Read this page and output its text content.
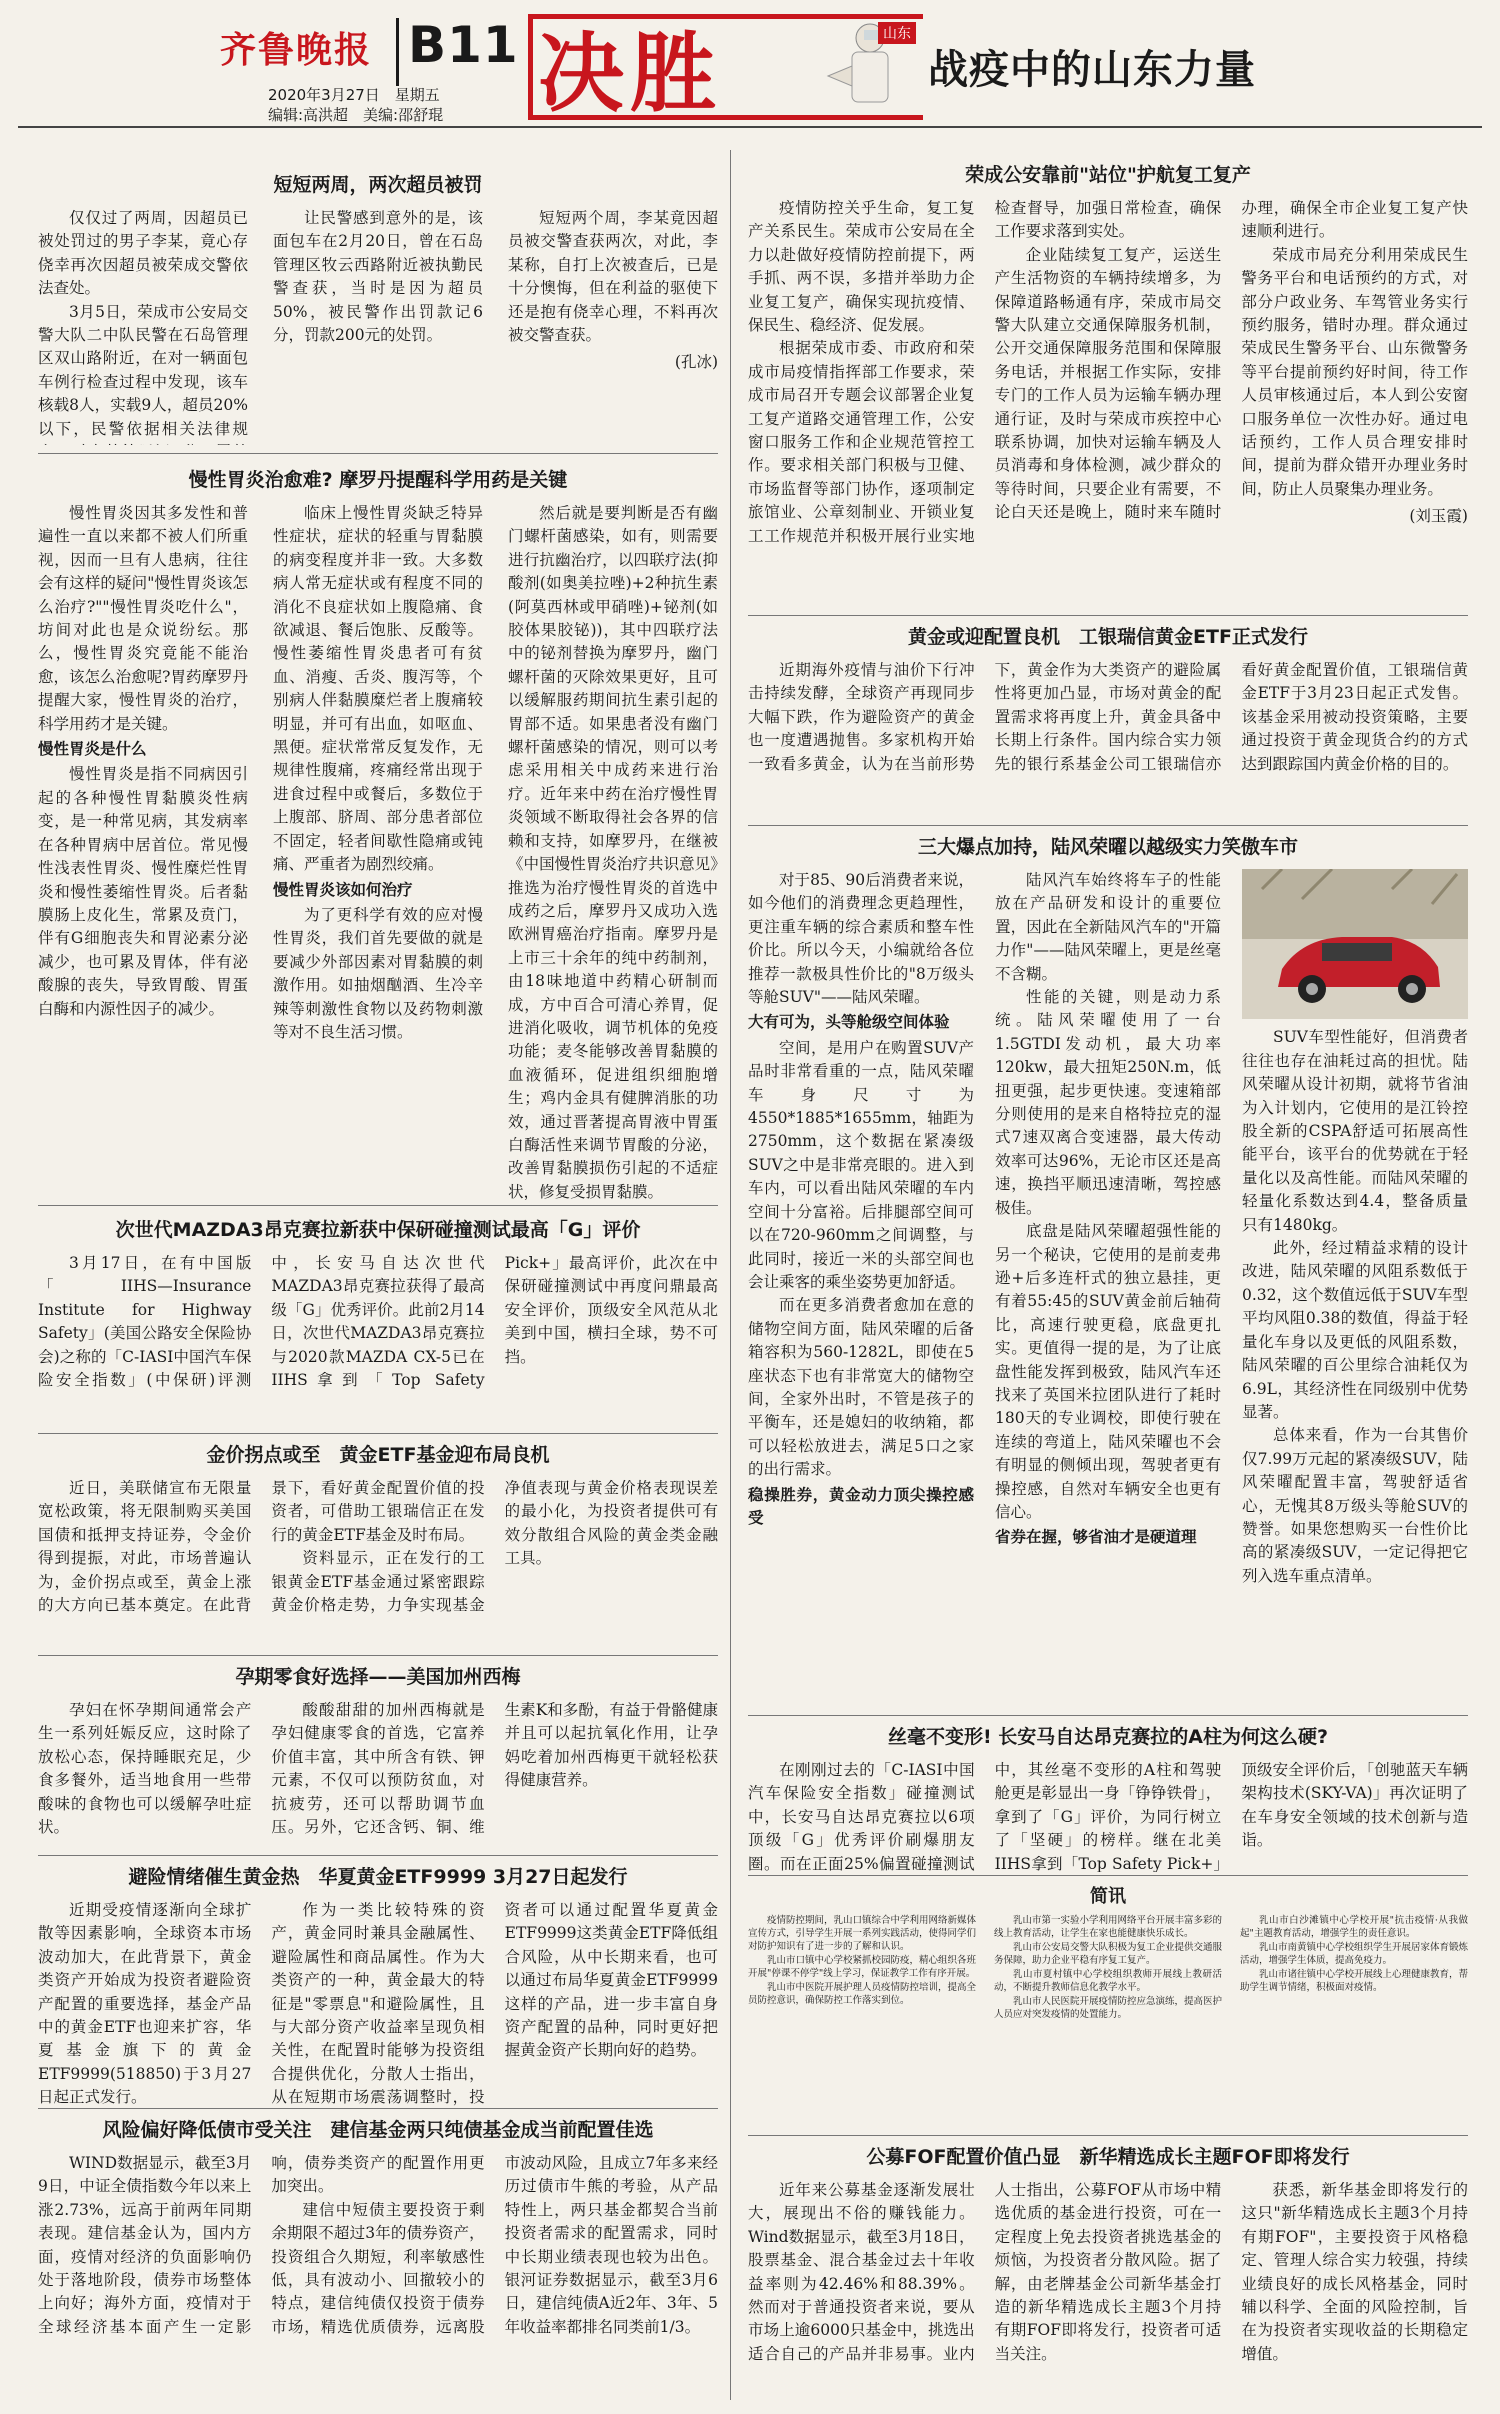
齐鲁晚报 B11
2020年3月27日　星期五
编辑:高洪超　美编:邵舒琨 决胜	山东
战疫中的山东力量
短短两周，两次超员被罚

仅仅过了两周，因超员已被处罚过的男子李某，竟心存侥幸再次因超员被荣成交警依法查处。

3月5日，荣成市公安局交警大队二中队民警在石岛管理区双山路附近，在对一辆面包车例行检查过程中发现，该车核载8人，实载9人，超员20%以下，民警依据相关法律规

让民警感到意外的是，该面包车在2月20日，曾在石岛管理区牧云西路附近被执勤民警查获，当时是因为超员50%，被民警作出罚款记6分，罚款200元的处罚。

短短两个周，李某竟因超员被交警查获两次，对此，李某称，自打上次被查后，已是十分懊悔，但在利益的驱使下还是抱有侥幸心理，不料再次被交警查获。

(孔冰)
慢性胃炎治愈难? 摩罗丹提醒科学用药是关键

慢性胃炎因其多发性和普遍性一直以来都不被人们所重视，因而一旦有人患病，往往会有这样的疑问"慢性胃炎该怎么治疗?""慢性胃炎吃什么"，坊间对此也是众说纷纭。那么，慢性胃炎究竟能不能治愈，该怎么治愈呢?胃药摩罗丹提醒大家，慢性胃炎的治疗，科学用药才是关键。

慢性胃炎是什么

慢性胃炎是指不同病因引起的各种慢性胃黏膜炎性病变，是一种常见病，其发病率在各种胃病中居首位。常见慢性浅表性胃炎、慢性糜烂性胃炎和慢性萎缩性胃炎。后者黏膜肠上皮化生，常累及贲门，伴有G细胞丧失和胃泌素分泌减少，也可累及胃体，伴有泌酸腺的丧失，导致胃酸、胃蛋白酶和内源性因子的减少。

临床上慢性胃炎缺乏特异性症状，症状的轻重与胃黏膜的病变程度并非一致。大多数病人常无症状或有程度不同的消化不良症状如上腹隐痛、食欲减退、餐后饱胀、反酸等。慢性萎缩性胃炎患者可有贫血、消瘦、舌炎、腹泻等，个别病人伴黏膜糜烂者上腹痛较明显，并可有出血，如呕血、黑便。症状常常反复发作，无规律性腹痛，疼痛经常出现于进食过程中或餐后，多数位于上腹部、脐周、部分患者部位不固定，轻者间歇性隐痛或钝痛、严重者为剧烈绞痛。

慢性胃炎该如何治疗

为了更科学有效的应对慢性胃炎，我们首先要做的就是要减少外部因素对胃黏膜的刺激作用。如抽烟酗酒、生冷辛辣等刺激性食物以及药物刺激等对不良生活习惯。

然后就是要判断是否有幽门螺杆菌感染，如有，则需要进行抗幽治疗，以四联疗法(抑酸剂(如奥美拉唑)+2种抗生素(阿莫西林或甲硝唑)+铋剂(如胶体果胶铋))，其中四联疗法中的铋剂替换为摩罗丹，幽门螺杆菌的灭除效果更好，且可以缓解服药期间抗生素引起的胃部不适。如果患者没有幽门螺杆菌感染的情况，则可以考虑采用相关中成药来进行治疗。近年来中药在治疗慢性胃炎领域不断取得社会各界的信赖和支持，如摩罗丹，在继被《中国慢性胃炎治疗共识意见》推选为治疗慢性胃炎的首选中成药之后，摩罗丹又成功入选欧洲胃癌治疗指南。摩罗丹是上市三十余年的纯中药制剂，由18味地道中药精心研制而成，方中百合可清心养胃，促进消化吸收，调节机体的免疫功能；麦冬能够改善胃黏膜的血液循环，促进组织细胞增生；鸡内金具有健脾消胀的功效，通过晋著提高胃液中胃蛋白酶活性来调节胃酸的分泌，改善胃黏膜损伤引起的不适症状，修复受损胃黏膜。

次世代MAZDA3昂克赛拉新获中保研碰撞测试最高「G」评价

3月17日，在有中国版「IIHS—Insurance Institute for Highway Safety」(美国公路安全保险协会)之称的「C-IASI中国汽车保险安全指数」(中保研)评测中，长安马自达次世代MAZDA3昂克赛拉获得了最高级「G」优秀评价。此前2月14日，次世代MAZDA3昂克赛拉与2020款MAZDA CX-5已在IIHS拿到「Top Safety Pick+」最高评价，此次在中保研碰撞测试中再度问鼎最高安全评价，顶级安全风范从北美到中国，横扫全球，势不可挡。

金价拐点或至　黄金ETF基金迎布局良机

近日，美联储宣布无限量宽松政策，将无限制购买美国国债和抵押支持证券，令金价得到提振，对此，市场普遍认为，金价拐点或至，黄金上涨的大方向已基本奠定。在此背景下，看好黄金配置价值的投资者，可借助工银瑞信正在发行的黄金ETF基金及时布局。

资料显示，正在发行的工银黄金ETF基金通过紧密跟踪黄金价格走势，力争实现基金净值表现与黄金价格表现误差的最小化，为投资者提供可有效分散组合风险的黄金类金融工具。

孕期零食好选择——美国加州西梅

孕妇在怀孕期间通常会产生一系列妊娠反应，这时除了放松心态，保持睡眠充足，少食多餐外，适当地食用一些带酸味的食物也可以缓解孕吐症状。

酸酸甜甜的加州西梅就是孕妇健康零食的首选，它富养价值丰富，其中所含有铁、钾元素，不仅可以预防贫血，对抗疲劳，还可以帮助调节血压。另外，它还含钙、铜、维生素K和多酚，有益于骨骼健康并且可以起抗氧化作用，让孕妈吃着加州西梅更干就轻松获得健康营养。

避险情绪催生黄金热　华夏黄金ETF9999 3月27日起发行

近期受疫情逐渐向全球扩散等因素影响，全球资本市场波动加大，在此背景下，黄金类资产开始成为投资者避险资产配置的重要选择，基金产品中的黄金ETF也迎来扩容，华夏基金旗下的黄金ETF9999(518850)于3月27日起正式发行。

作为一类比较特殊的资产，黄金同时兼具金融属性、避险属性和商品属性。作为大类资产的一种，黄金最大的特征是"零票息"和避险属性，且与大部分资产收益率呈现负相关性，在配置时能够为投资组合提供优化，分散人士指出，从在短期市场震荡调整时，投资者可以通过配置华夏黄金ETF9999这类黄金ETF降低组合风险，从中长期来看，也可以通过布局华夏黄金ETF9999这样的产品，进一步丰富自身资产配置的品种，同时更好把握黄金资产长期向好的趋势。

风险偏好降低债市受关注　建信基金两只纯债基金成当前配置佳选

WIND数据显示，截至3月9日，中证全债指数今年以来上涨2.73%，远高于前两年同期表现。建信基金认为，国内方面，疫情对经济的负面影响仍处于落地阶段，债券市场整体上向好；海外方面，疫情对于全球经济基本面产生一定影响，债券类资产的配置作用更加突出。

建信中短债主要投资于剩余期限不超过3年的债券资产，投资组合久期短，利率敏感性低，具有波动小、回撤较小的特点，建信纯债仅投资于债券市场，精选优质债券，远离股市波动风险，且成立7年多来经历过债市牛熊的考验，从产品特性上，两只基金都契合当前投资者需求的配置需求，同时中长期业绩表现也较为出色。银河证券数据显示，截至3月6日，建信纯债A近2年、3年、5年收益率都排名同类前1/3。

荣成公安靠前"站位"护航复工复产

疫情防控关乎生命，复工复产关系民生。荣成市公安局在全力以赴做好疫情防控前提下，两手抓、两不误，多措并举助力企业复工复产，确保实现抗疫情、保民生、稳经济、促发展。

根据荣成市委、市政府和荣成市局疫情指挥部工作要求，荣成市局召开专题会议部署企业复工复产道路交通管理工作，公安窗口服务工作和企业规范管控工作。要求相关部门积极与卫健、市场监督等部门协作，逐项制定旅馆业、公章刻制业、开锁业复工工作规范并积极开展行业实地检查督导，加强日常检查，确保工作要求落到实处。

企业陆续复工复产，运送生产生活物资的车辆持续增多，为保障道路畅通有序，荣成市局交警大队建立交通保障服务机制，公开交通保障服务范围和保障服务电话，并根据工作实际，安排专门的工作人员为运输车辆办理通行证，及时与荣成市疾控中心联系协调，加快对运输车辆及人员消毒和身体检测，减少群众的等待时间，只要企业有需要，不论白天还是晚上，随时来车随时办理，确保全市企业复工复产快速顺利进行。

荣成市局充分利用荣成民生警务平台和电话预约的方式，对部分户政业务、车驾管业务实行预约服务，错时办理。群众通过荣成民生警务平台、山东微警务等平台提前预约好时间，待工作人员审核通过后，本人到公安窗口服务单位一次性办好。通过电话预约，工作人员合理安排时间，提前为群众错开办理业务时间，防止人员聚集办理业务。

(刘玉霞)
黄金或迎配置良机　工银瑞信黄金ETF正式发行

近期海外疫情与油价下行冲击持续发酵，全球资产再现同步大幅下跌，作为避险资产的黄金也一度遭遇抛售。多家机构开始一致看多黄金，认为在当前形势下，黄金作为大类资产的避险属性将更加凸显，市场对黄金的配置需求将再度上升，黄金具备中长期上行条件。国内综合实力领先的银行系基金公司工银瑞信亦看好黄金配置价值，工银瑞信黄金ETF于3月23日起正式发售。该基金采用被动投资策略，主要通过投资于黄金现货合约的方式达到跟踪国内黄金价格的目的。

三大爆点加持，陆风荣曜以越级实力笑傲车市

对于85、90后消费者来说，如今他们的消费理念更趋理性，更注重车辆的综合素质和整车性价比。所以今天，小编就给各位推荐一款极具性价比的"8万级头等舱SUV"——陆风荣曜。

大有可为，头等舱级空间体验

空间，是用户在购置SUV产品时非常看重的一点，陆风荣曜车身尺寸为4550*1885*1655mm，轴距为2750mm，这个数据在紧凑级SUV之中是非常亮眼的。进入到车内，可以看出陆风荣曜的车内空间十分富裕。后排腿部空间可以在720-960mm之间调整，与此同时，接近一米的头部空间也会让乘客的乘坐姿势更加舒适。

而在更多消费者愈加在意的储物空间方面，陆风荣曜的后备箱容积为560-1282L，即使在5座状态下也有非常宽大的储物空间，全家外出时，不管是孩子的平衡车，还是媳妇的收纳箱，都可以轻松放进去，满足5口之家的出行需求。

稳操胜券，黄金动力顶尖操控感受

陆风汽车始终将车子的性能放在产品研发和设计的重要位置，因此在全新陆风汽车的"开篇力作"——陆风荣曜上，更是丝毫不含糊。

性能的关键，则是动力系统。陆风荣曜使用了一台1.5GTDI发动机，最大功率120kw，最大扭矩250N.m，低扭更强，起步更快速。变速箱部分则使用的是来自格特拉克的湿式7速双离合变速器，最大传动效率可达96%，无论市区还是高速，换挡平顺迅速清晰，驾控感极佳。

底盘是陆风荣曜超强性能的另一个秘诀，它使用的是前麦弗逊+后多连杆式的独立悬挂，更有着55:45的SUV黄金前后轴荷比，高速行驶更稳，底盘更扎实。更值得一提的是，为了让底盘性能发挥到极致，陆风汽车还找来了英国米拉团队进行了耗时180天的专业调校，即使行驶在连续的弯道上，陆风荣曜也不会有明显的侧倾出现，驾驶者更有操控感，自然对车辆安全也更有信心。

省券在握，够省油才是硬道理

SUV车型性能好，但消费者往往也存在油耗过高的担忧。陆风荣曜从设计初期，就将节省油为入计划内，它使用的是江铃控股全新的CSPA舒适可拓展高性能平台，该平台的优势就在于轻量化以及高性能。而陆风荣曜的轻量化系数达到4.4，整备质量只有1480kg。

此外，经过精益求精的设计改进，陆风荣曜的风阻系数低于0.32，这个数值远低于SUV车型平均风阻0.38的数值，得益于轻量化车身以及更低的风阻系数，陆风荣曜的百公里综合油耗仅为6.9L，其经济性在同级别中优势显著。

总体来看，作为一台其售价仅7.99万元起的紧凑级SUV，陆风荣曜配置丰富，驾驶舒适省心，无愧其8万级头等舱SUV的赞誉。如果您想购买一台性价比高的紧凑级SUV，一定记得把它列入选车重点清单。

丝毫不变形! 长安马自达昂克赛拉的A柱为何这么硬?

在刚刚过去的「C-IASI中国汽车保险安全指数」碰撞测试中，长安马自达昂克赛拉以6项顶级「G」优秀评价刷爆朋友圈。而在正面25%偏置碰撞测试中，其丝毫不变形的A柱和驾驶舱更是彰显出一身「铮铮铁骨」，拿到了「G」评价，为同行树立了「坚硬」的榜样。继在北美IIHS拿到「Top Safety Pick+」顶级安全评价后，「创驰蓝天车辆架构技术(SKY-VA)」再次证明了在车身安全领域的技术创新与造诣。

简讯

疫情防控期间，乳山口镇综合中学利用网络新媒体宣传方式，引导学生开展一系列实践活动，使得同学们对防护知识有了进一步的了解和认识。

乳山市口镇中心学校紧抓校园防疫，精心组织各班开展"停课不停学"线上学习，保证教学工作有序开展。

乳山市中医院开展护理人员疫情防控培训，提高全员防控意识，确保防控工作落实到位。

乳山市第一实验小学利用网络平台开展丰富多彩的线上教育活动，让学生在家也能健康快乐成长。

乳山市公安局交警大队积极为复工企业提供交通服务保障，助力企业平稳有序复工复产。

乳山市夏村镇中心学校组织教师开展线上教研活动，不断提升教师信息化教学水平。

乳山市人民医院开展疫情防控应急演练，提高医护人员应对突发疫情的处置能力。

乳山市白沙滩镇中心学校开展"抗击疫情·从我做起"主题教育活动，增强学生的责任意识。

乳山市南黄镇中心学校组织学生开展居家体育锻炼活动，增强学生体质，提高免疫力。

乳山市诸往镇中心学校开展线上心理健康教育，帮助学生调节情绪，积极面对疫情。

公募FOF配置价值凸显　新华精选成长主题FOF即将发行

近年来公募基金逐渐发展壮大，展现出不俗的赚钱能力。Wind数据显示，截至3月18日，股票基金、混合基金过去十年收益率则为42.46%和88.39%。然而对于普通投资者来说，要从市场上逾6000只基金中，挑选出适合自己的产品并非易事。业内人士指出，公募FOF从市场中精选优质的基金进行投资，可在一定程度上免去投资者挑选基金的烦恼，为投资者分散风险。据了解，由老牌基金公司新华基金打造的新华精选成长主题3个月持有期FOF即将发行，投资者可适当关注。

获悉，新华基金即将发行的这只"新华精选成长主题3个月持有期FOF"，主要投资于风格稳定、管理人综合实力较强，持续业绩良好的成长风格基金，同时辅以科学、全面的风险控制，旨在为投资者实现收益的长期稳定增值。
